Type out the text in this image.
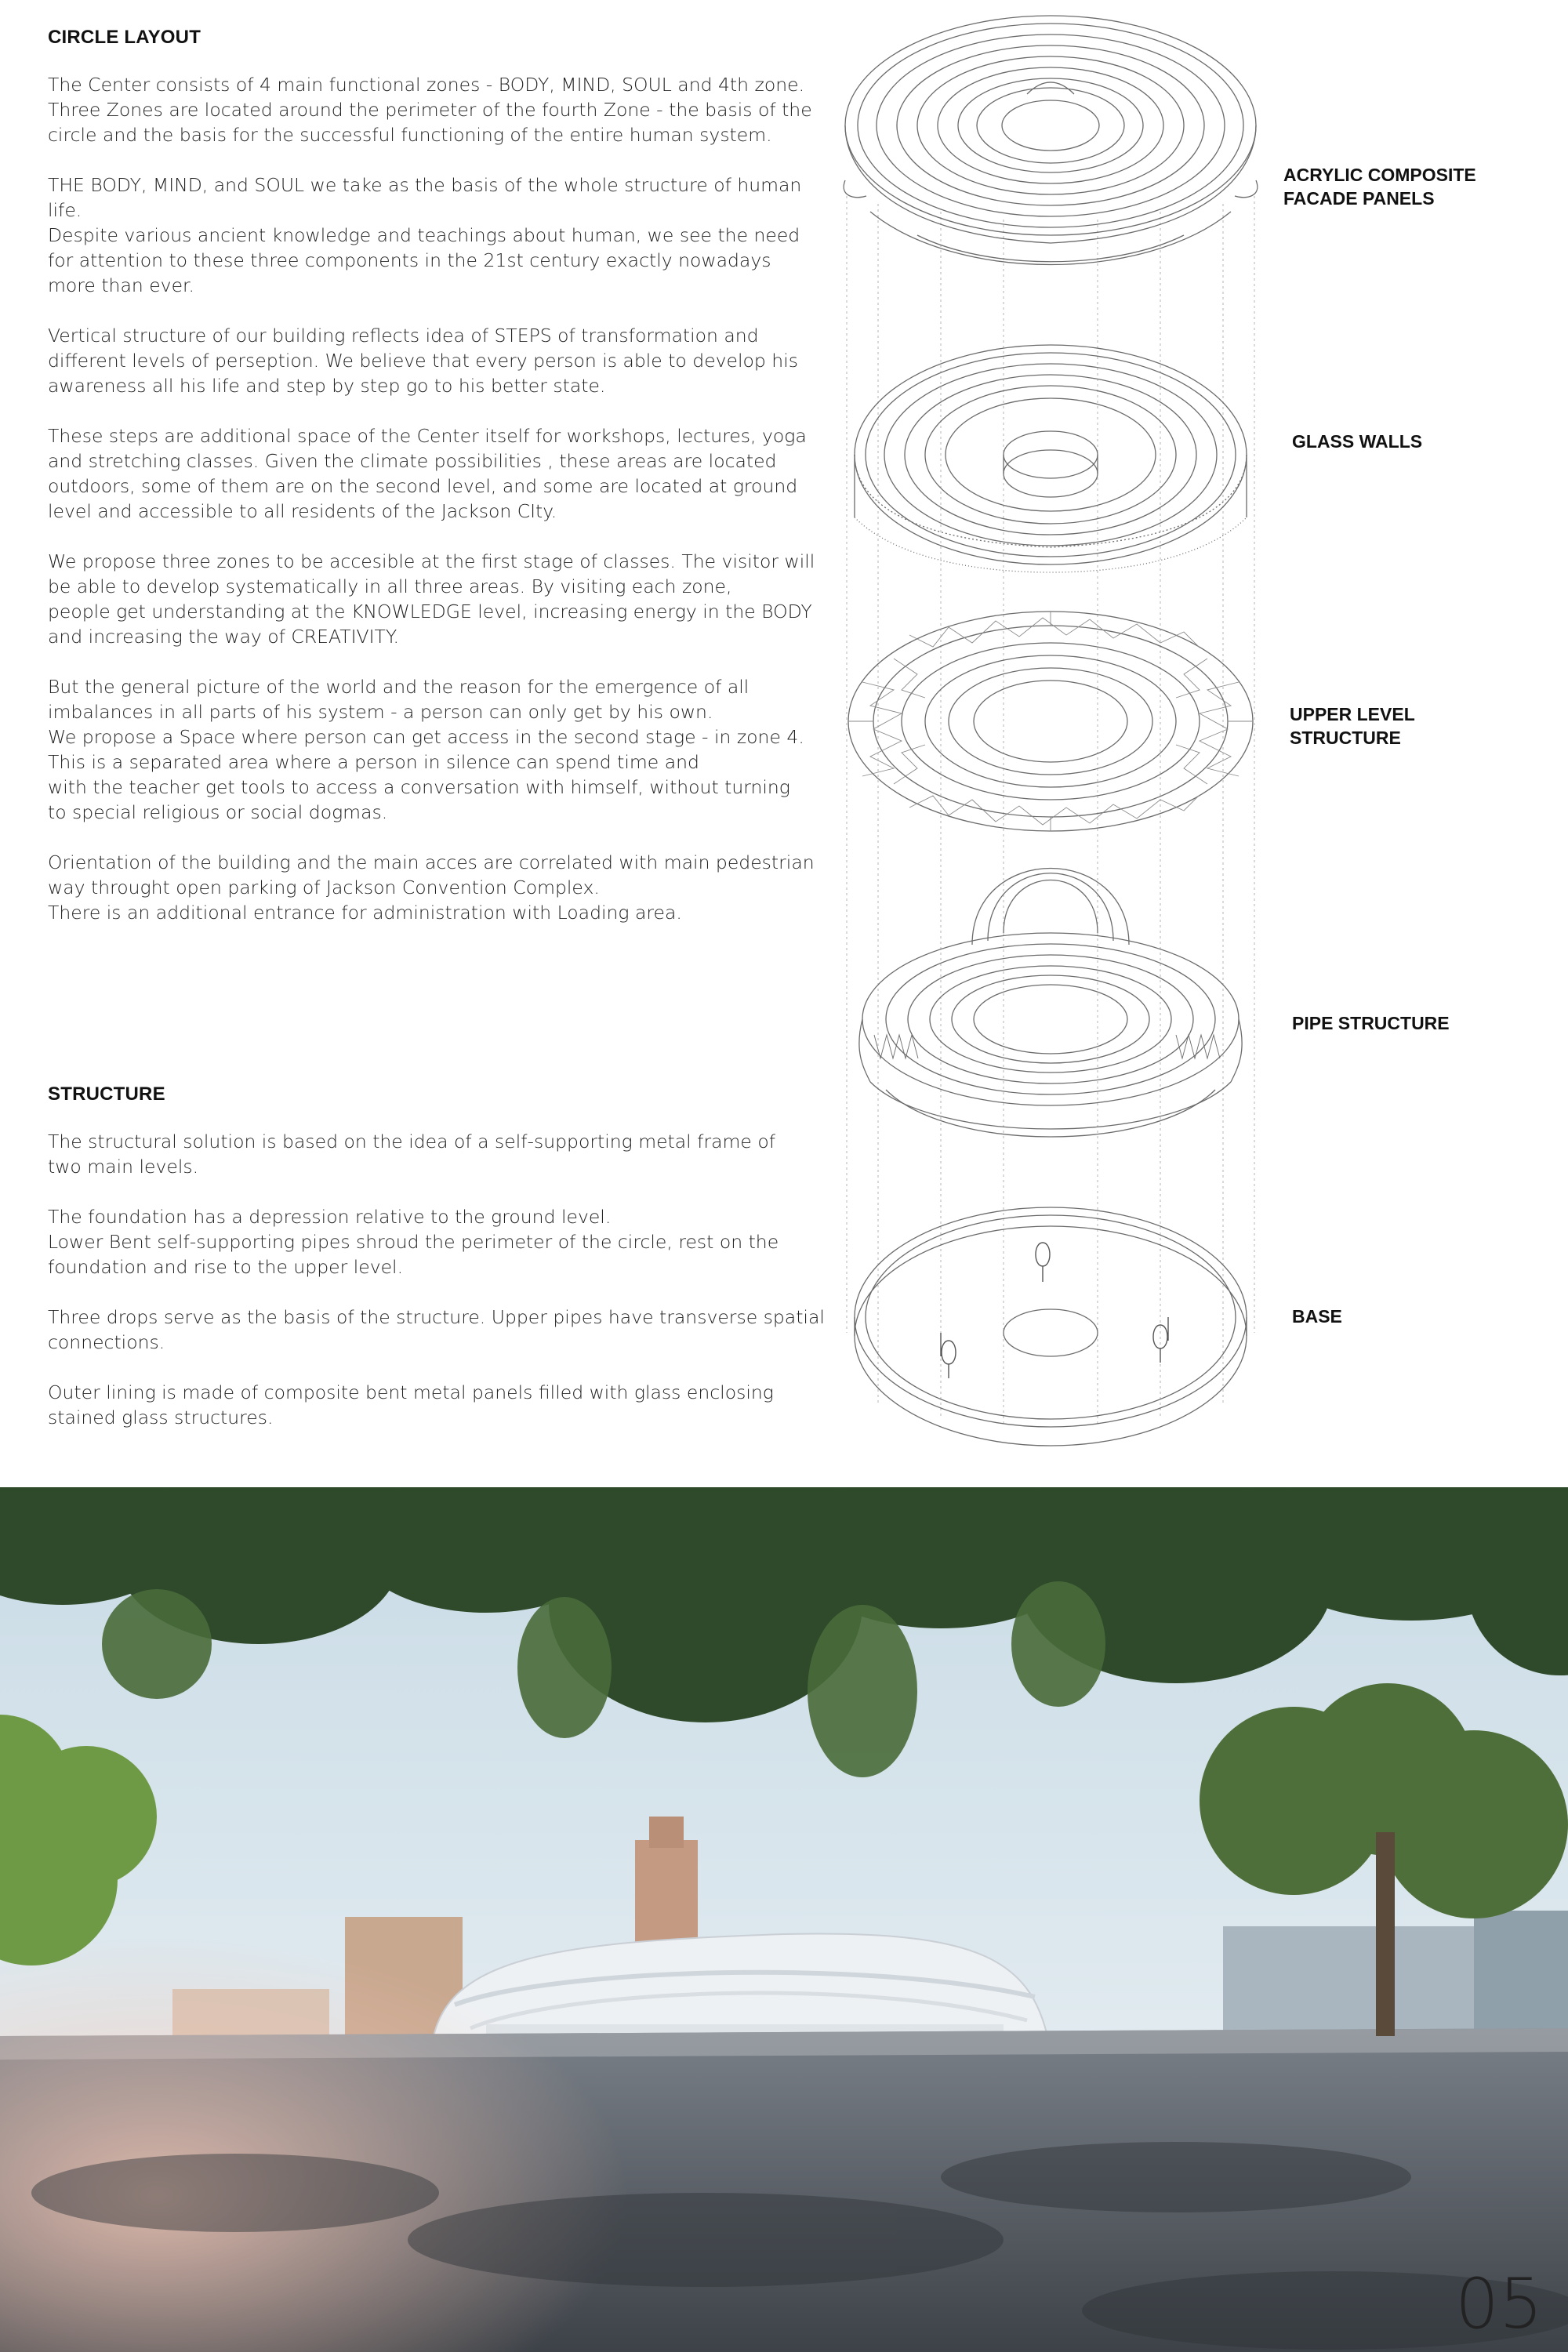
CIRCLE LAYOUT

The Center consists of 4 main functional zones - BODY, MIND, SOUL and 4th zone.
Three Zones are located around the perimeter of the fourth Zone - the basis of the
circle and the basis for the successful functioning of the entire human system.

THE BODY, MIND, and SOUL we take as the basis of the whole structure of human life.
Despite various ancient knowledge and teachings about human, we see the need
for attention to these three components in the 21st century exactly nowadays
more than ever.

Vertical structure of our building reflects idea of STEPS of transformation and
different levels of perseption. We believe that every person is able to develop his
awareness all his life and step by step go to his better state.

These steps are additional space of the Center itself for workshops, lectures, yoga
and stretching classes. Given the climate possibilities , these areas are located
outdoors, some of them are on the second level, and some are located at ground
level and accessible to all residents of the Jackson CIty.

We propose three zones to be accesible at the first stage of classes. The visitor will
be able to develop systematically in all three areas. By visiting each zone,
people get understanding at the KNOWLEDGE level, increasing energy in the BODY
and increasing the way of CREATIVITY.

But the general picture of the world and the reason for the emergence of all
imbalances in all parts of his system - a person can only get by his own.
We propose a Space where person can get access in the second stage - in zone 4.
This is a separated area where a person in silence can spend time and
with the teacher get tools to access a conversation with himself, without turning
to special religious or social dogmas.

Orientation of the building and the main acces are correlated with main pedestrian
way throught open parking of Jackson Convention Complex.
There is an additional entrance for administration with Loading area.

STRUCTURE

The structural solution is based on the idea of a self-supporting metal frame of
two main levels.

The foundation has a depression relative to the ground level.
Lower Bent self-supporting pipes shroud the perimeter of the circle, rest on the
foundation and rise to the upper level.

Three drops serve as the basis of the structure. Upper pipes have transverse spatial
connections.

Outer lining is made of composite bent metal panels filled with glass enclosing
stained glass structures.

ACRYLIC COMPOSITE
FACADE PANELS
GLASS WALLS
UPPER LEVEL
STRUCTURE
PIPE STRUCTURE
BASE
05
